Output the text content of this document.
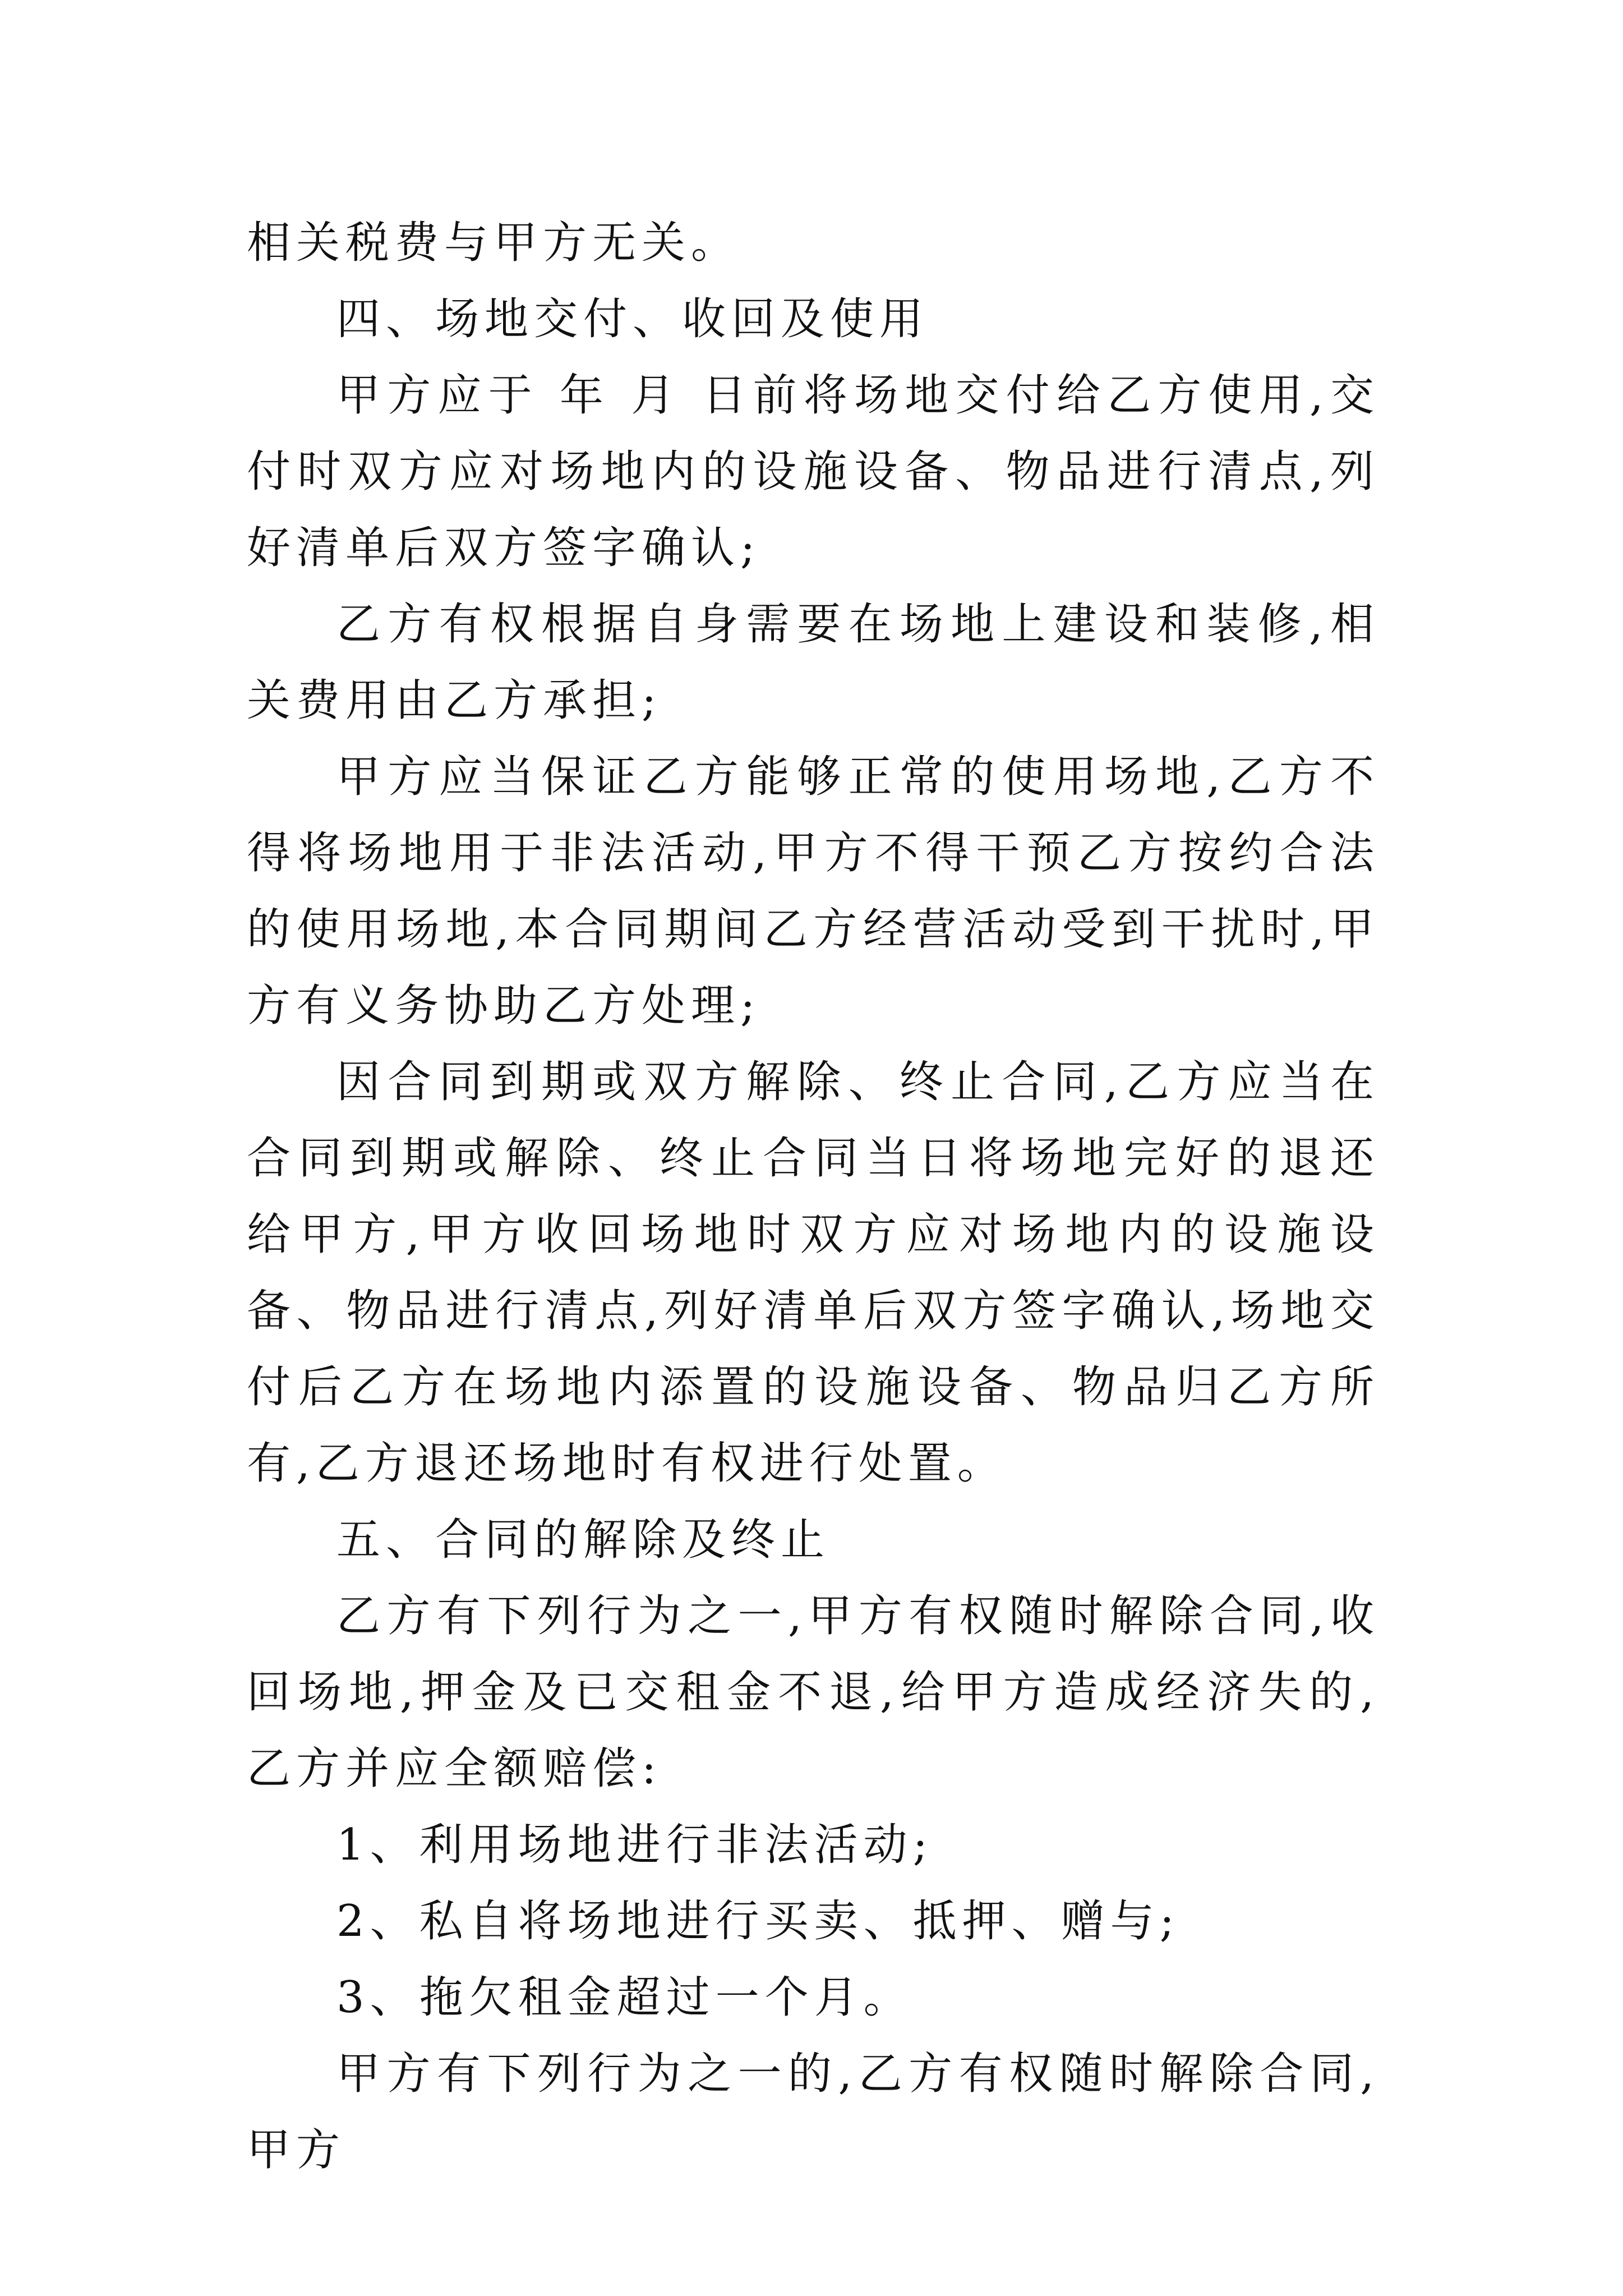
相关税费与甲方无关。

四、场地交付、收回及使用

甲方应于 年 月 日前将场地交付给乙方使用,交付时双方应对场地内的设施设备、物品进行清点,列好清单后双方签字确认;

乙方有权根据自身需要在场地上建设和装修,相关费用由乙方承担;

甲方应当保证乙方能够正常的使用场地,乙方不得将场地用于非法活动,甲方不得干预乙方按约合法的使用场地,本合同期间乙方经营活动受到干扰时,甲方有义务协助乙方处理;

因合同到期或双方解除、终止合同,乙方应当在合同到期或解除、终止合同当日将场地完好的退还给甲方,甲方收回场地时双方应对场地内的设施设备、物品进行清点,列好清单后双方签字确认,场地交付后乙方在场地内添置的设施设备、物品归乙方所有,乙方退还场地时有权进行处置。

五、合同的解除及终止

乙方有下列行为之一,甲方有权随时解除合同,收回场地,押金及已交租金不退,给甲方造成经济失的,乙方并应全额赔偿:

1、利用场地进行非法活动;

2、私自将场地进行买卖、抵押、赠与;

3、拖欠租金超过一个月。

甲方有下列行为之一的,乙方有权随时解除合同,甲方
